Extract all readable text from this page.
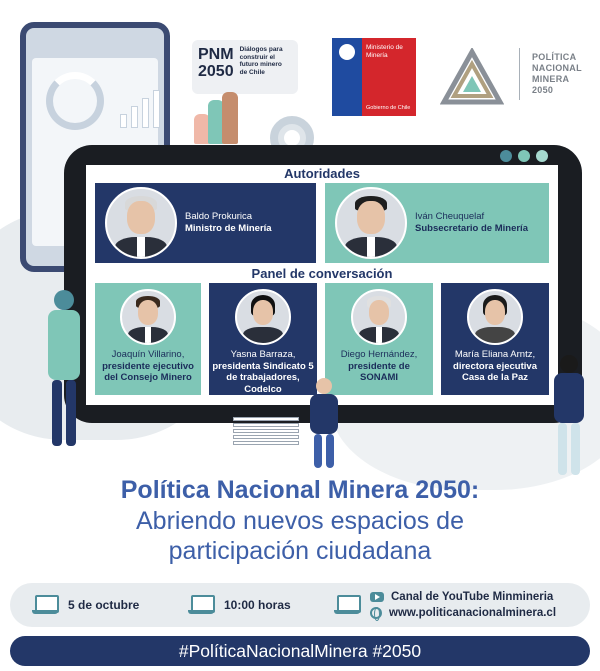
PNM
2050
Diálogos para construir el futuro minero de Chile
Ministerio de
Minería
Gobierno de Chile
POLÍTICA
NACIONAL
MINERA
2050
Autoridades
Baldo Prokurica
Ministro de Minería
Iván Cheuquelaf
Subsecretario de Minería
Panel de conversación
Joaquín Villarino,
presidente ejecutivo del Consejo Minero
Yasna Barraza,
presidenta Sindicato 5 de trabajadores, Codelco
Diego Hernández,
presidente de SONAMI
María Eliana Arntz,
directora ejecutiva Casa de la Paz
Política Nacional Minera 2050:
Abriendo nuevos espacios de
participación ciudadana
5 de octubre	10:00 horas
Canal de YouTube Minmineria
www.politicanacionalminera.cl
#PolíticaNacionalMinera #2050
